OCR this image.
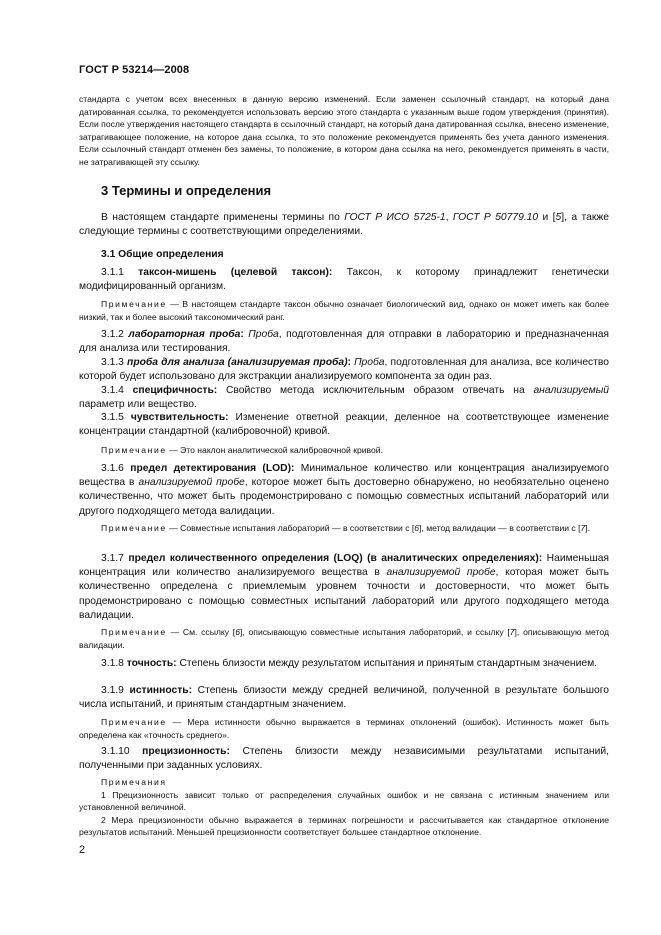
ГОСТ Р 53214—2008

стандарта с учетом всех внесенных в данную версию изменений. Если заменен ссылочный стандарт, на который дана датированная ссылка, то рекомендуется использовать версию этого стандарта с указанным выше годом утверждения (принятия). Если после утверждения настоящего стандарта в ссылочный стандарт, на который дана датированная ссылка, внесено изменение, затрагивающее положение, на которое дана ссылка, то это положение рекомендуется применять без учета данного изменения. Если ссылочный стандарт отменен без замены, то положение, в котором дана ссылка на него, рекомендуется применять в части, не затрагивающей эту ссылку.

3 Термины и определения

В настоящем стандарте применены термины по ГОСТ Р ИСО 5725-1, ГОСТ Р 50779.10 и [5], а также следующие термины с соответствующими определениями.

3.1 Общие определения

3.1.1 таксон-мишень (целевой таксон): Таксон, к которому принадлежит генетически модифицированный организм.

Примечание — В настоящем стандарте таксон обычно означает биологический вид, однако он может иметь как более низкий, так и более высокий таксономический ранг.

3.1.2 лабораторная проба: Проба, подготовленная для отправки в лабораторию и предназначенная для анализа или тестирования.

3.1.3 проба для анализа (анализируемая проба): Проба, подготовленная для анализа, все количество которой будет использовано для экстракции анализируемого компонента за один раз.

3.1.4 специфичность: Свойство метода исключительным образом отвечать на анализируемый параметр или вещество.

3.1.5 чувствительность: Изменение ответной реакции, деленное на соответствующее изменение концентрации стандартной (калибровочной) кривой.

Примечание — Это наклон аналитической калибровочной кривой.

3.1.6 предел детектирования (LOD): Минимальное количество или концентрация анализируемого вещества в анализируемой пробе, которое может быть достоверно обнаружено, но необязательно оценено количественно, что может быть продемонстрировано с помощью совместных испытаний лабораторий или другого подходящего метода валидации.

Примечание — Совместные испытания лабораторий — в соответствии с [6], метод валидации — в соответствии с [7].

3.1.7 предел количественного определения (LOQ) (в аналитических определениях): Наименьшая концентрация или количество анализируемого вещества в анализируемой пробе, которая может быть количественно определена с приемлемым уровнем точности и достоверности, что может быть продемонстрировано с помощью совместных испытаний лабораторий или другого подходящего метода валидации.

Примечание — См. ссылку [6], описывающую совместные испытания лабораторий, и ссылку [7], описывающую метод валидации.

3.1.8 точность: Степень близости между результатом испытания и принятым стандартным значением.

3.1.9 истинность: Степень близости между средней величиной, полученной в результате большого числа испытаний, и принятым стандартным значением.

Примечание — Мера истинности обычно выражается в терминах отклонений (ошибок). Истинность может быть определена как «точность среднего».

3.1.10 прецизионность: Степень близости между независимыми результатами испытаний, полученными при заданных условиях.

Примечания

1 Прецизионность зависит только от распределения случайных ошибок и не связана с истинным значением или установленной величиной.

2 Мера прецизионности обычно выражается в терминах погрешности и рассчитывается как стандартное отклонение результатов испытаний. Меньшей прецизионности соответствует большее стандартное отклонение.

2
